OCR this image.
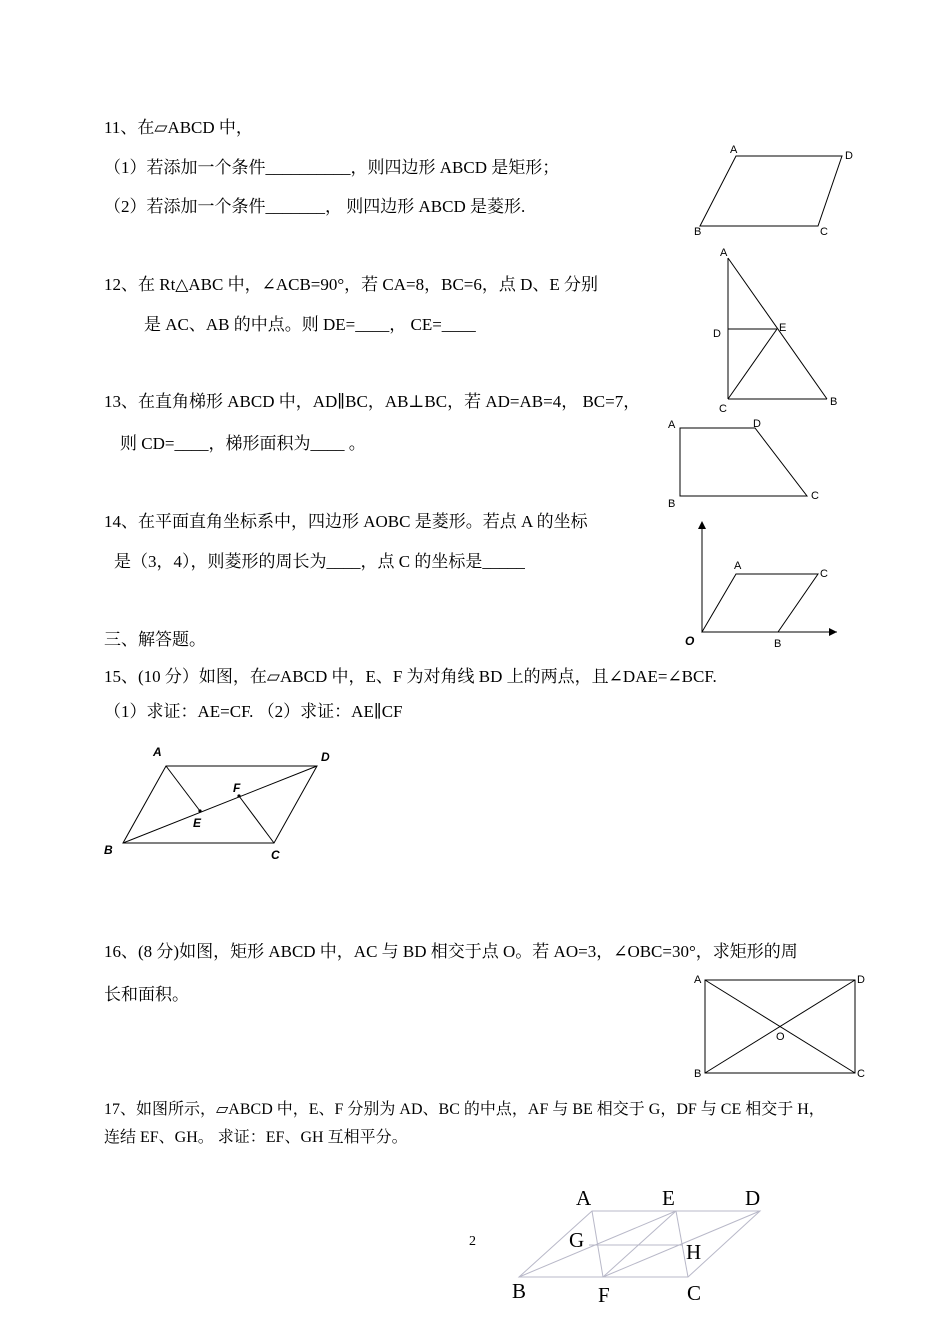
11、在▱ABCD 中，
（1）若添加一个条件__________，则四边形 ABCD 是矩形；
（2）若添加一个条件_______， 则四边形 ABCD 是菱形.
12、在 Rt△ABC 中，∠ACB=90°，若 CA=8，BC=6，点 D、E 分别
是 AC、AB 的中点。则 DE=____， CE=____
13、在直角梯形 ABCD 中，AD∥BC，AB⊥BC，若 AD=AB=4， BC=7，
则 CD=____，梯形面积为____ 。
14、在平面直角坐标系中，四边形 AOBC 是菱形。若点 A 的坐标
是（3，4），则菱形的周长为____，点 C 的坐标是_____
三、解答题。
15、(10 分）如图，在▱ABCD 中，E、F 为对角线 BD 上的两点，且∠DAE=∠BCF.
（1）求证：AE=CF. （2）求证：AE∥CF
16、(8 分)如图，矩形 ABCD 中，AC 与 BD 相交于点 O。若 AO=3，∠OBC=30°，求矩形的周
长和面积。
17、如图所示，▱ABCD 中，E、F 分别为 AD、BC 的中点，AF 与 BE 相交于 G，DF 与 CE 相交于 H，
连结 EF、GH。 求证：EF、GH 互相平分。
2
A	D
B	C
A
D	E
C
B
A	D
B
C
O
A
C
B
A	D
F
E
B	C
A	D
O
B	C
A	E	D
G	H
B	F	C
